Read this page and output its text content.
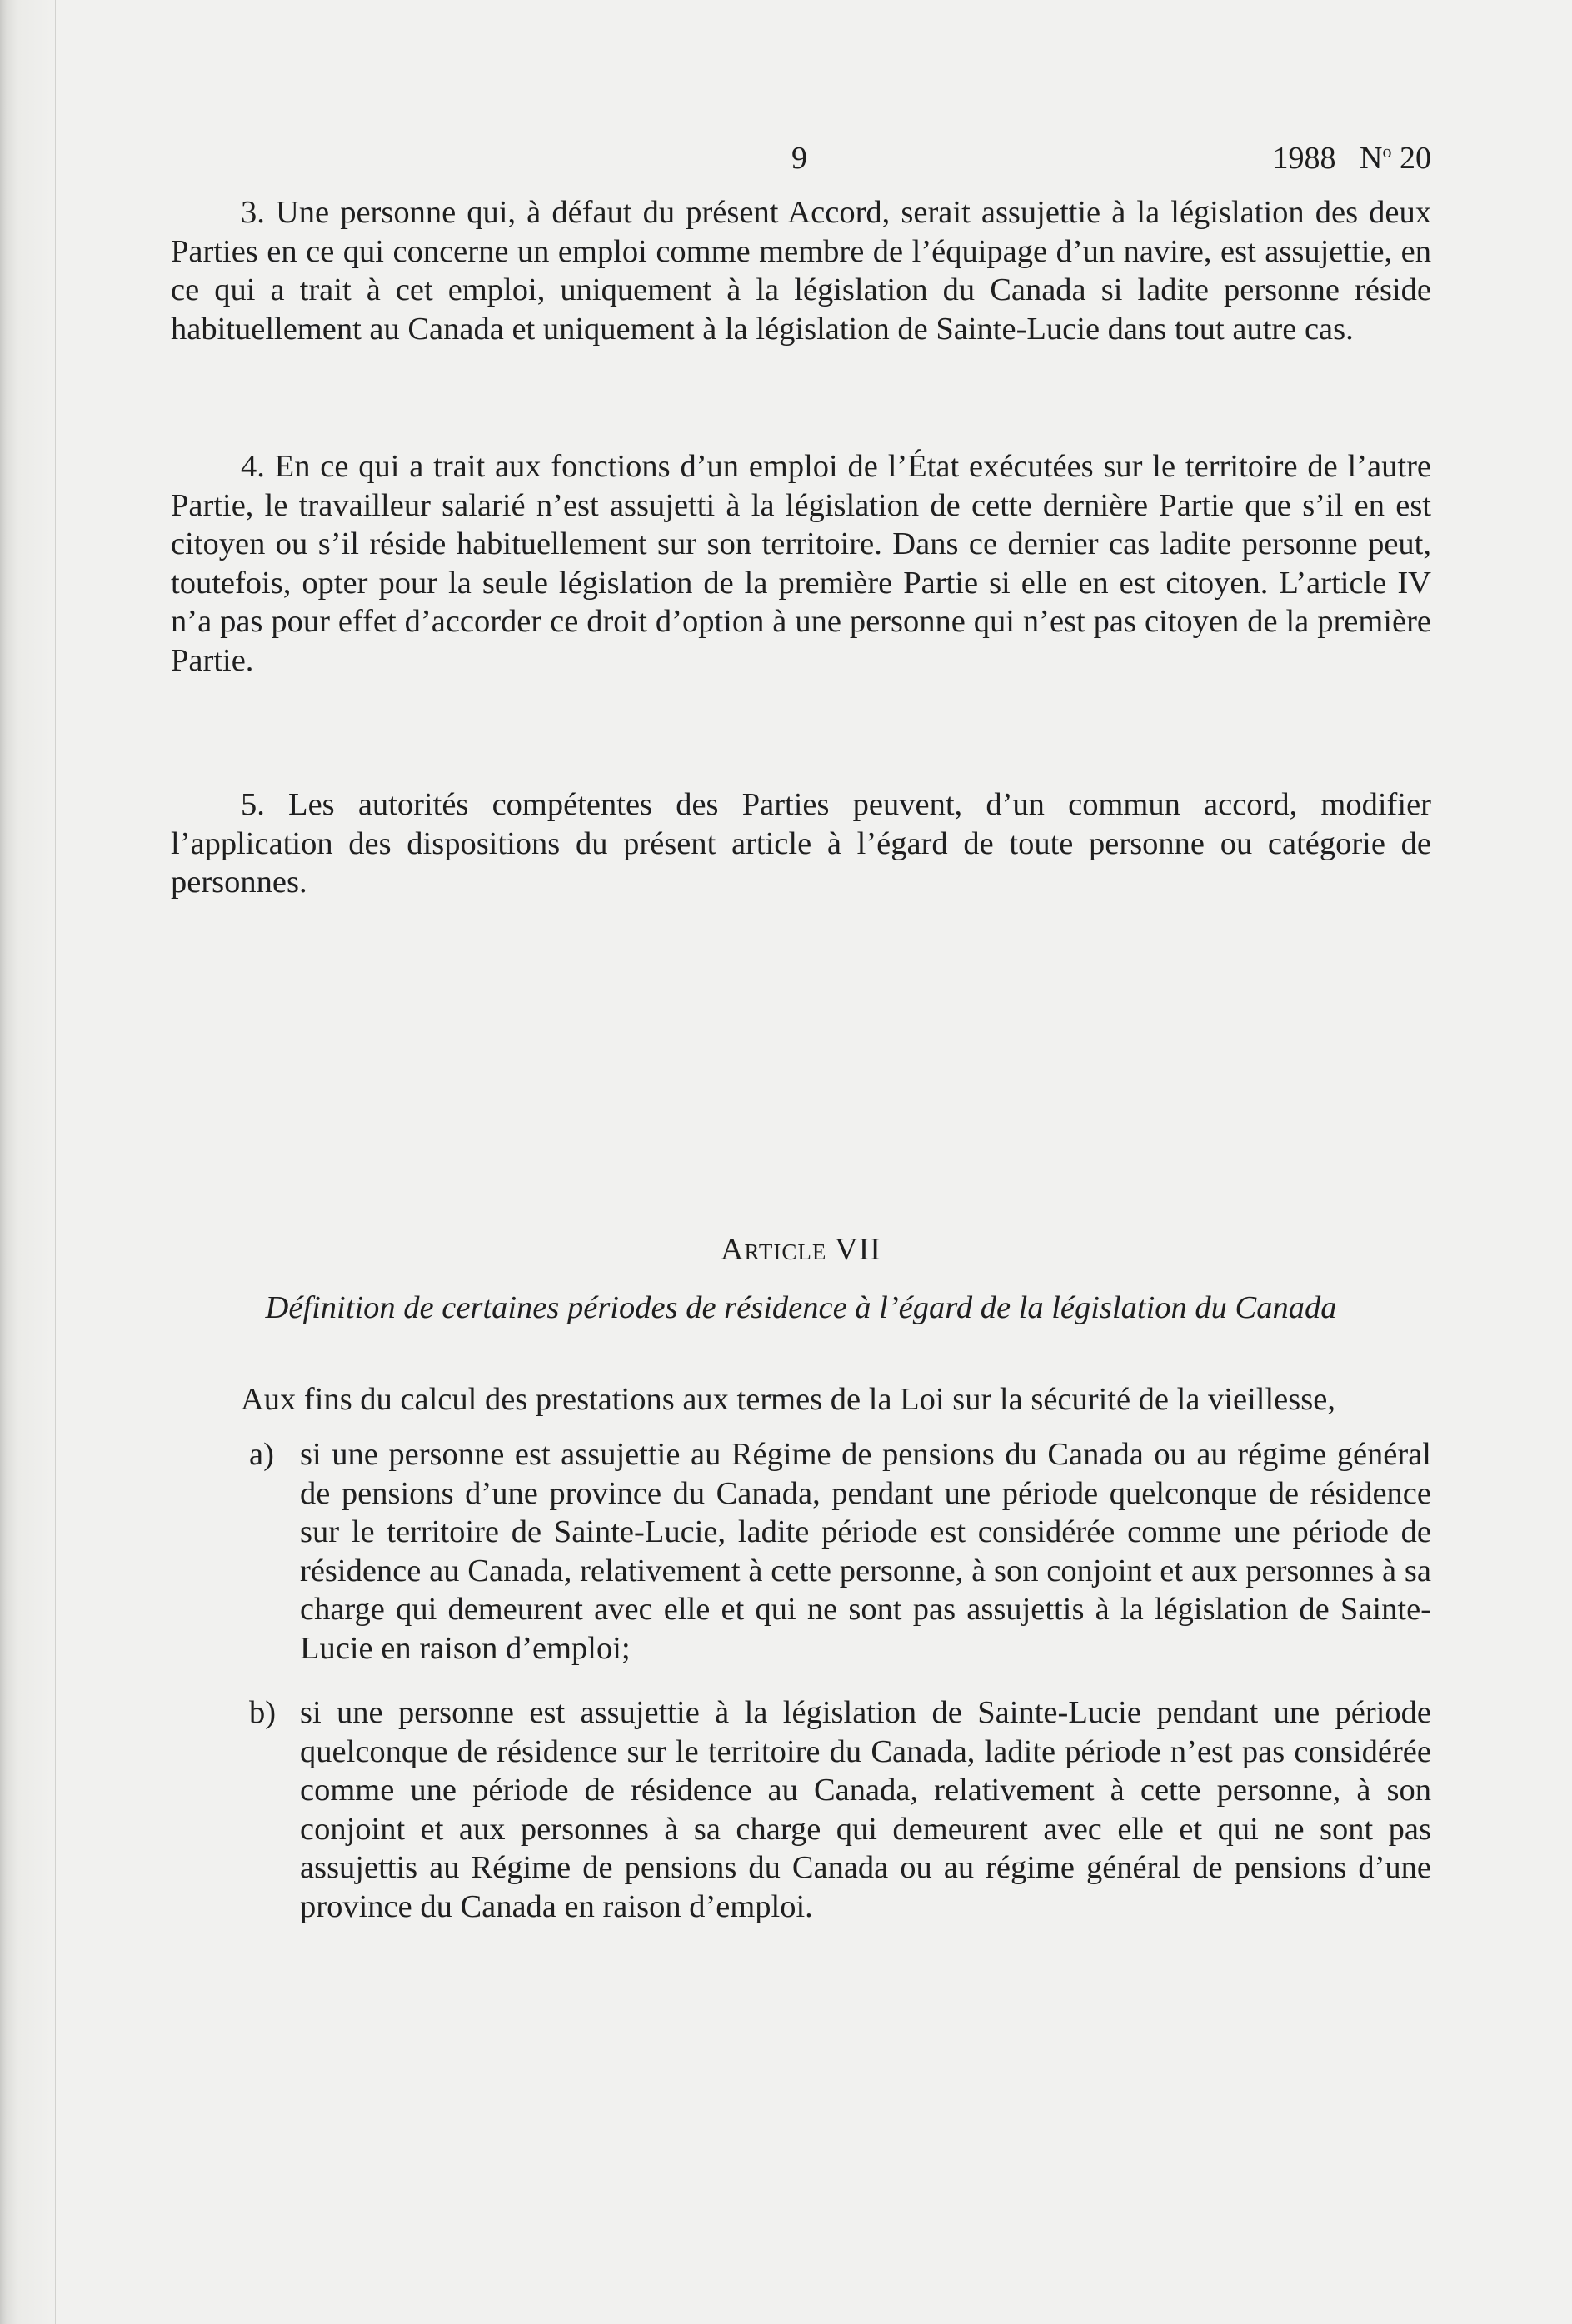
9	1988 $N^o$ 20

3. Une personne qui, à défaut du présent Accord, serait assujettie à la législation des deux Parties en ce qui concerne un emploi comme membre de l’équipage d’un navire, est assujettie, en ce qui a trait à cet emploi, uniquement à la législation du Canada si ladite personne réside habituellement au Canada et uniquement à la législation de Sainte-Lucie dans tout autre cas.

4. En ce qui a trait aux fonctions d’un emploi de l’État exécutées sur le territoire de l’autre Partie, le travailleur salarié n’est assujetti à la législation de cette dernière Partie que s’il en est citoyen ou s’il réside habituellement sur son territoire. Dans ce dernier cas ladite personne peut, toutefois, opter pour la seule législation de la première Partie si elle en est citoyen. L’article IV n’a pas pour effet d’accorder ce droit d’option à une personne qui n’est pas citoyen de la première Partie.

5. Les autorités compétentes des Parties peuvent, d’un commun accord, modifier l’application des dispositions du présent article à l’égard de toute personne ou catégorie de personnes.

Article VII
Définition de certaines périodes de résidence à l’égard de la législation du Canada

Aux fins du calcul des prestations aux termes de la Loi sur la sécurité de la vieillesse,

a) si une personne est assujettie au Régime de pensions du Canada ou au régime général de pensions d’une province du Canada, pendant une période quelconque de résidence sur le territoire de Sainte-Lucie, ladite période est considérée comme une période de résidence au Canada, relativement à cette personne, à son conjoint et aux personnes à sa charge qui demeurent avec elle et qui ne sont pas assujettis à la législation de Sainte-Lucie en raison d’emploi;

b) si une personne est assujettie à la législation de Sainte-Lucie pendant une période quelconque de résidence sur le territoire du Canada, ladite période n’est pas considérée comme une période de résidence au Canada, relativement à cette personne, à son conjoint et aux personnes à sa charge qui demeurent avec elle et qui ne sont pas assujettis au Régime de pensions du Canada ou au régime général de pensions d’une province du Canada en raison d’emploi.
